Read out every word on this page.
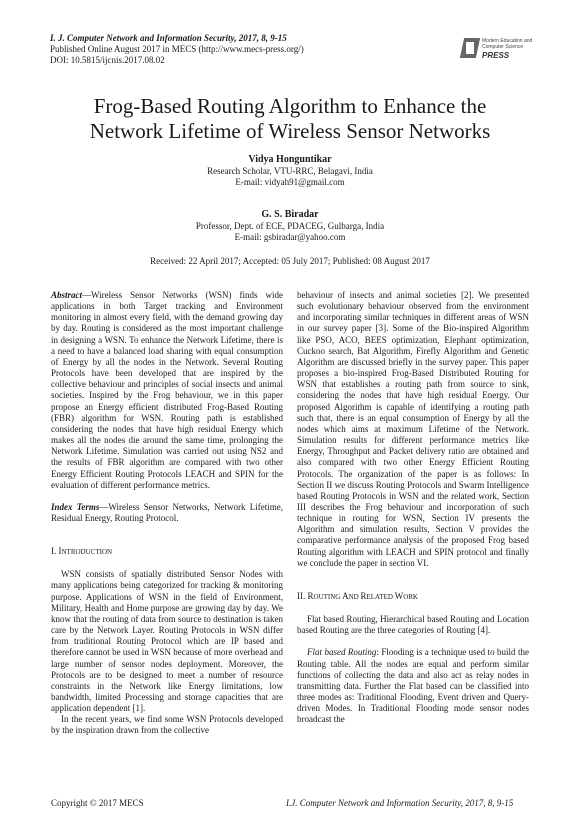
I. J. Computer Network and Information Security, 2017, 8, 9-15
Published Online August 2017 in MECS (http://www.mecs-press.org/)
DOI: 10.5815/ijcnis.2017.08.02
Modern Education and Computer Science
PRESS
Frog-Based Routing Algorithm to Enhance the
Network Lifetime of Wireless Sensor Networks
Vidya Honguntikar
Research Scholar, VTU-RRC, Belagavi, India
E-mail: vidyah91@gmail.com
G. S. Biradar
Professor, Dept. of ECE, PDACEG, Gulbarga, India
E-mail: gsbiradar@yahoo.com
Received: 22 April 2017; Accepted: 05 July 2017; Published: 08 August 2017

Abstract—Wireless Sensor Networks (WSN) finds wide applications in both Target tracking and Environment monitoring in almost every field, with the demand growing day by day. Routing is considered as the most important challenge in designing a WSN. To enhance the Network Lifetime, there is a need to have a balanced load sharing with equal consumption of Energy by all the nodes in the Network. Several Routing Protocols have been developed that are inspired by the collective behaviour and principles of social insects and animal societies. Inspired by the Frog behaviour, we in this paper propose an Energy efficient distributed Frog-Based Routing (FBR) algorithm for WSN. Routing path is established considering the nodes that have high residual Energy which makes all the nodes die around the same time, prolonging the Network Lifetime. Simulation was carried out using NS2 and the results of FBR algorithm are compared with two other Energy Efficient Routing Protocols LEACH and SPIN for the evaluation of different performance metrics.

Index Terms—Wireless Sensor Networks, Network Lifetime, Residual Energy, Routing Protocol.

I. INTRODUCTION

WSN consists of spatially distributed Sensor Nodes with many applications being categorized for tracking & monitoring purpose. Applications of WSN in the field of Environment, Military, Health and Home purpose are growing day by day. We know that the routing of data from source to destination is taken care by the Network Layer. Routing Protocols in WSN differ from traditional Routing Protocol which are IP based and therefore cannot be used in WSN because of more overhead and large number of sensor nodes deployment. Moreover, the Protocols are to be designed to meet a number of resource constraints in the Network like Energy limitations, low bandwidth, limited Processing and storage capacities that are application dependent [1].

In the recent years, we find some WSN Protocols developed by the inspiration drawn from the collective

behaviour of insects and animal societies [2]. We presented such evolutionary behaviour observed from the environment and incorporating similar techniques in different areas of WSN in our survey paper [3]. Some of the Bio-inspired Algorithm like PSO, ACO, BEES optimization, Elephant optimization, Cuckoo search, Bat Algorithm, Firefly Algorithm and Genetic Algorithm are discussed briefly in the survey paper. This paper proposes a bio-inspired Frog-Based Distributed Routing for WSN that establishes a routing path from source to sink, considering the nodes that have high residual Energy. Our proposed Algorithm is capable of identifying a routing path such that, there is an equal consumption of Energy by all the nodes which aims at maximum Lifetime of the Network. Simulation results for different performance metrics like Energy, Throughput and Packet delivery ratio are obtained and also compared with two other Energy Efficient Routing Protocols. The organization of the paper is as follows: In Section II we discuss Routing Protocols and Swarm Intelligence based Routing Protocols in WSN and the related work, Section III describes the Frog behaviour and incorporation of such technique in routing for WSN, Section IV presents the Algorithm and simulation results, Section V provides the comparative performance analysis of the proposed Frog based Routing algorithm with LEACH and SPIN protocol and finally we conclude the paper in section VI.

II. ROUTING AND RELATED WORK

Flat based Routing, Hierarchical based Routing and Location based Routing are the three categories of Routing [4].

Flat based Routing: Flooding is a technique used to build the Routing table. All the nodes are equal and perform similar functions of collecting the data and also act as relay nodes in transmitting data. Further the Flat based can be classified into three modes as: Traditional Flooding, Event driven and Query-driven Modes. In Traditional Flooding mode sensor nodes broadcast the

Copyright © 2017 MECS	I.J. Computer Network and Information Security, 2017, 8, 9-15
